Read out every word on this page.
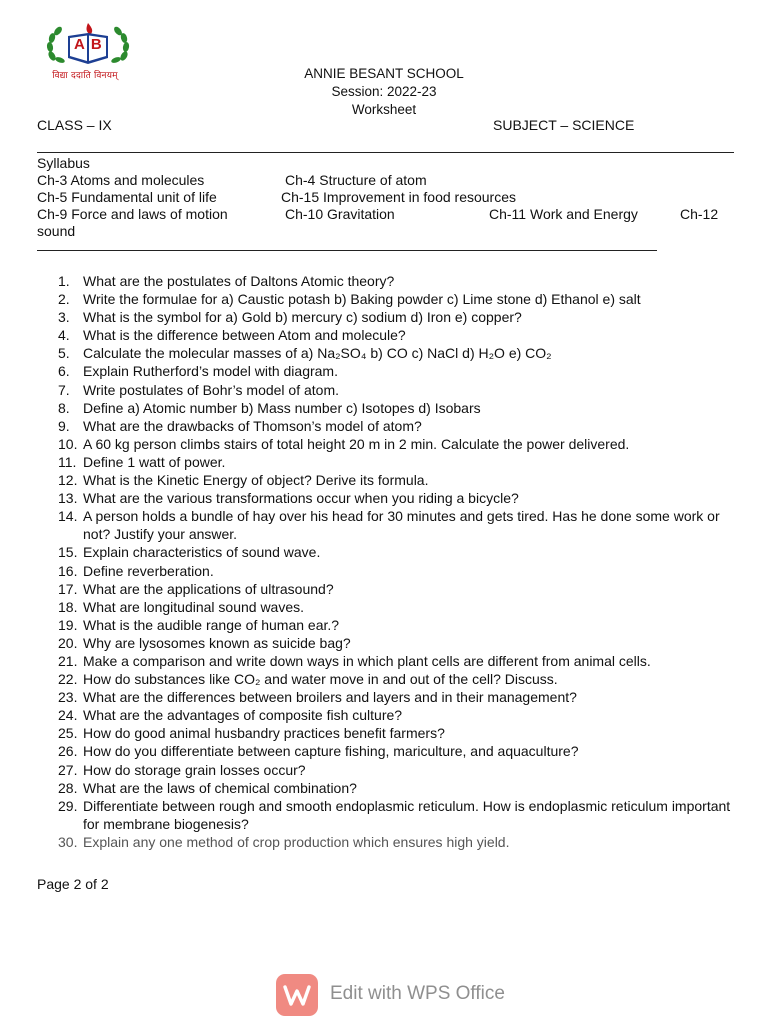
AB
विद्या ददाति विनयम्	ANNIE BESANT SCHOOL
Session: 2022-23
Worksheet
CLASS – IX	SUBJECT – SCIENCE
Syllabus
Ch-3 Atoms and molecules	Ch-4 Structure of atom
Ch-5 Fundamental unit of life	Ch-15 Improvement in food resources
Ch-9 Force and laws of motion	Ch-10 Gravitation	Ch-11 Work and Energy	Ch-12
sound
1. What are the postulates of Daltons Atomic theory?
2. Write the formulae for a) Caustic potash b) Baking powder c) Lime stone d) Ethanol e) salt
3. What is the symbol for a) Gold b) mercury c) sodium d) Iron e) copper?
4. What is the difference between Atom and molecule?
5. Calculate the molecular masses of a) Na₂SO₄ b) CO c) NaCl d) H₂O e) CO₂
6. Explain Rutherford’s model with diagram.
7. Write postulates of Bohr’s model of atom.
8. Define a) Atomic number b) Mass number c) Isotopes d) Isobars
9. What are the drawbacks of Thomson’s model of atom?
10. A 60 kg person climbs stairs of total height 20 m in 2 min. Calculate the power delivered.
11. Define 1 watt of power.
12. What is the Kinetic Energy of object? Derive its formula.
13. What are the various transformations occur when you riding a bicycle?
14. A person holds a bundle of hay over his head for 30 minutes and gets tired. Has he done some work or not? Justify your answer.
15. Explain characteristics of sound wave.
16. Define reverberation.
17. What are the applications of ultrasound?
18. What are longitudinal sound waves.
19. What is the audible range of human ear.?
20. Why are lysosomes known as suicide bag?
21. Make a comparison and write down ways in which plant cells are different from animal cells.
22. How do substances like CO₂ and water move in and out of the cell? Discuss.
23. What are the differences between broilers and layers and in their management?
24. What are the advantages of composite fish culture?
25. How do good animal husbandry practices benefit farmers?
26. How do you differentiate between capture fishing, mariculture, and aquaculture?
27. How do storage grain losses occur?
28. What are the laws of chemical combination?
29. Differentiate between rough and smooth endoplasmic reticulum. How is endoplasmic reticulum important for membrane biogenesis?
30. Explain any one method of crop production which ensures high yield.
Page 2 of 2
Edit with WPS Office
